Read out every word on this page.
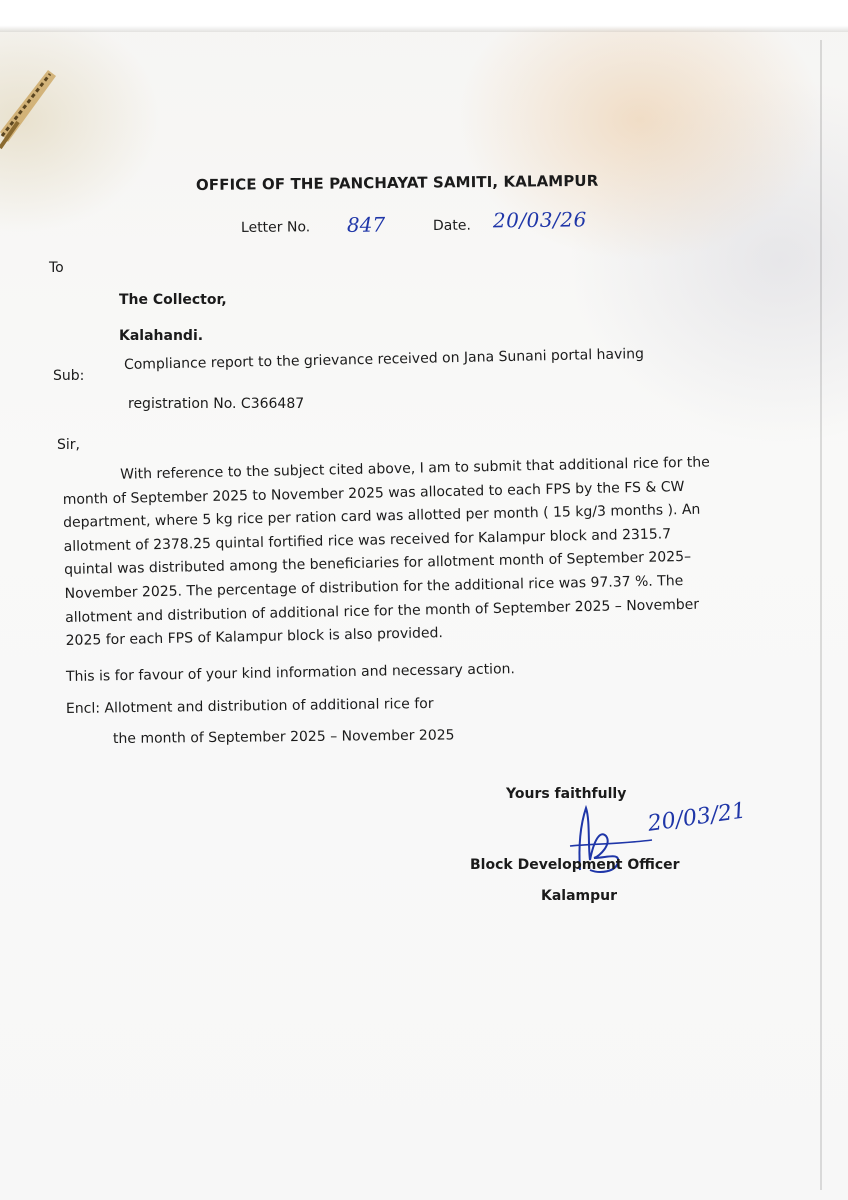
OFFICE OF THE PANCHAYAT SAMITI, KALAMPUR
Letter No. 847	Date. 20/03/26
To
The Collector,
Kalahandi.
Sub:
Compliance report to the grievance received on Jana Sunani portal having
registration No. C366487
Sir,
With reference to the subject cited above, I am to submit that additional rice for the
month of September 2025 to November 2025 was allocated to each FPS by the FS & CW
department, where 5 kg rice per ration card was allotted per month ( 15 kg/3 months ). An
allotment of 2378.25 quintal fortified rice was received for Kalampur block and 2315.7
quintal was distributed among the beneficiaries for allotment month of September 2025–
November 2025. The percentage of distribution for the additional rice was 97.37 %. The
allotment and distribution of additional rice for the month of September 2025 – November
2025 for each FPS of Kalampur block is also provided.
This is for favour of your kind information and necessary action.
Encl: Allotment and distribution of additional rice for
the month of September 2025 – November 2025
Yours faithfully
Block Development Officer
20/03/21
Kalampur
